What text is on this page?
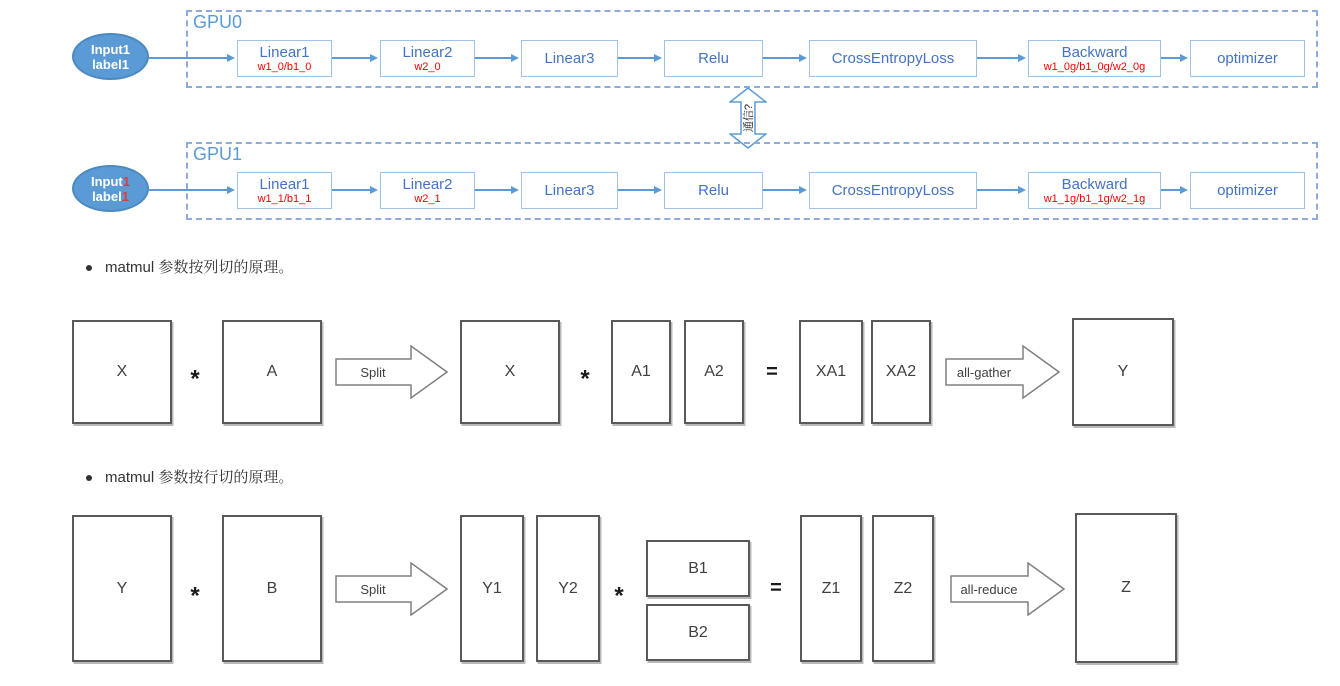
GPU0
Input1
label1
Linear1
w1_0/b1_0
Linear2
w2_0	Linear3	Relu	CrossEntropyLoss	Backward
w1_0g/b1_0g/w2_0g	optimizer
通信?
GPU1
Input1
label1
Linear1
w1_1/b1_1
Linear2
w2_1	Linear3	Relu	CrossEntropyLoss	Backward
w1_1g/b1_1g/w2_1g	optimizer
matmul 参数按列切的原理。
X	*	A	Split	X	*	A1	A2 = XA1 XA2	all-gather	Y
matmul 参数按行切的原理。
Y	*	B	Split	Y1	Y2 *
B1
B2
= Z1	Z2	all-reduce	Z
